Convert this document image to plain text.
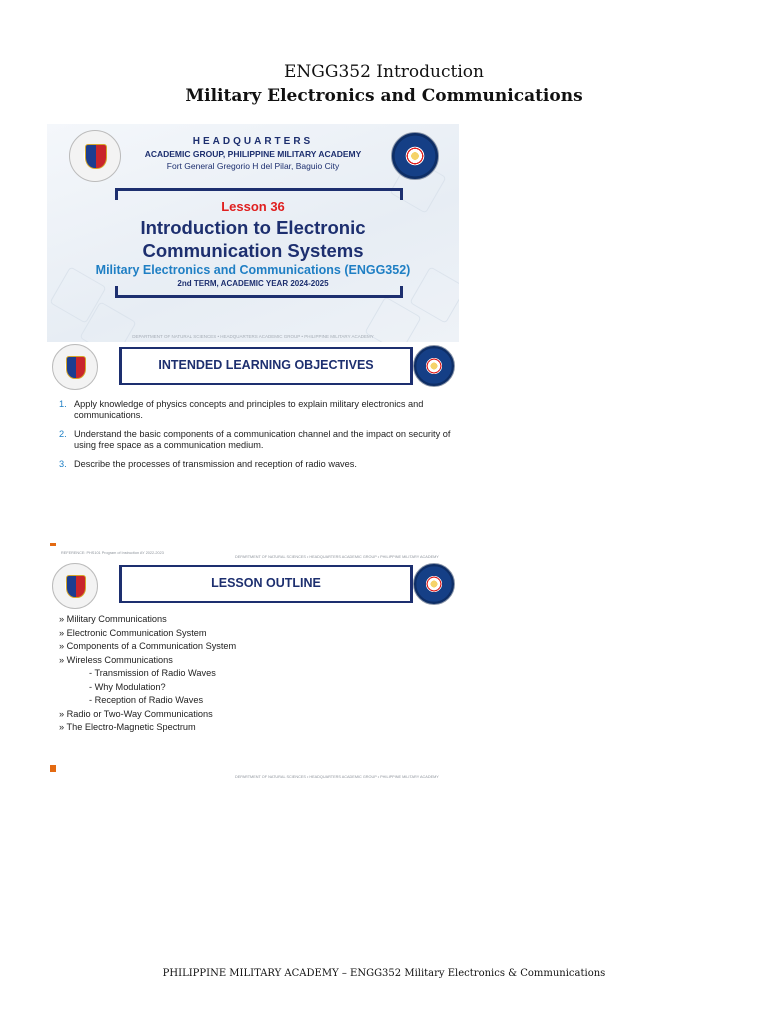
ENGG352 Introduction
Military Electronics and Communications
HEADQUARTERS
ACADEMIC GROUP, PHILIPPINE MILITARY ACADEMY
Fort General Gregorio H del Pilar, Baguio City
Lesson 36
Introduction to Electronic
Communication Systems
Military Electronics and Communications (ENGG352)
2nd TERM, ACADEMIC YEAR 2024-2025
DEPARTMENT OF NATURAL SCIENCES • HEADQUARTERS ACADEMIC GROUP • PHILIPPINE MILITARY ACADEMY
INTENDED LEARNING OBJECTIVES
1. Apply knowledge of physics concepts and principles to explain military electronics and communications.
2. Understand the basic components of a communication channel and the impact on security of using free space as a communication medium.
3. Describe the processes of transmission and reception of radio waves.
REFERENCE: PHS101 Program of Instruction AY 2022-2023
DEPARTMENT OF NATURAL SCIENCES • HEADQUARTERS ACADEMIC GROUP • PHILIPPINE MILITARY ACADEMY
LESSON OUTLINE
» Military Communications
» Electronic Communication System
» Components of a Communication System
» Wireless Communications
- Transmission of Radio Waves
- Why Modulation?
- Reception of Radio Waves
» Radio or Two-Way Communications
» The Electro-Magnetic Spectrum
DEPARTMENT OF NATURAL SCIENCES • HEADQUARTERS ACADEMIC GROUP • PHILIPPINE MILITARY ACADEMY
PHILIPPINE MILITARY ACADEMY – ENGG352 Military Electronics & Communications
